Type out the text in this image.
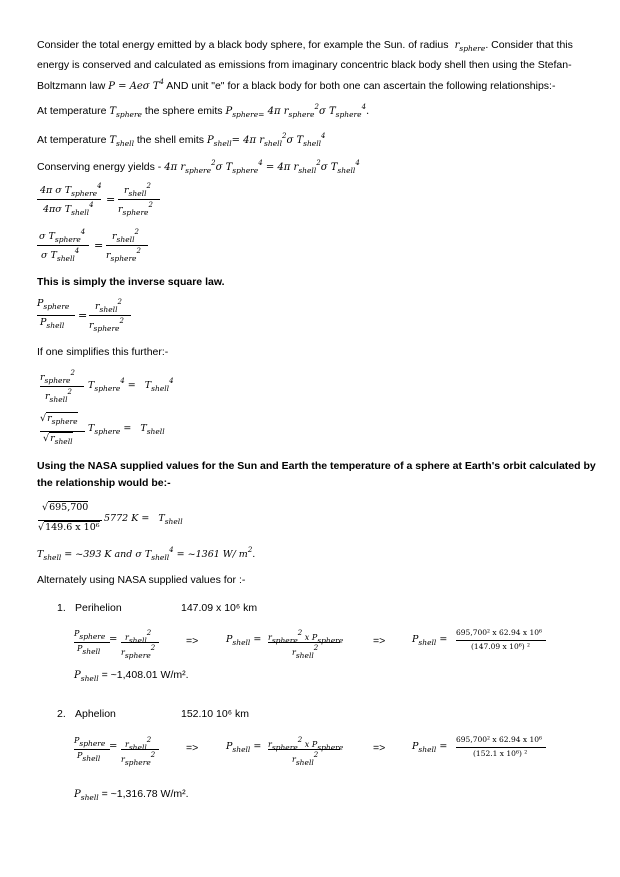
Consider the total energy emitted by a black body sphere, for example the Sun. of radius  $r_{sphere}$. Consider that this energy is conserved and calculated as emissions from imaginary concentric black body shell then using the Stefan- Boltzmann law P = Aeσ $T^4$ AND unit "e" for a black body for both one can ascertain the following relationships:-
At temperature $T_{sphere}$ the sphere emits $P_{sphere=}$ 4π $r_{sphere}^2\sigma$ $T_{sphere}^4$.
At temperature $T_{shell}$ the shell emits $P_{shell}= 4\pi$ $r_{shell}^2\sigma$ $T_{shell}^4$
Conserving energy yields - 4π $r_{sphere}^2\sigma$ $T_{sphere}^4 = 4\pi$ $r_{shell}^2\sigma$ $T_{shell}^4$
4π σ $T_{sphere}^4$
4πσ $T_{shell}^4$ =
$r_{shell}^2$
$r_{sphere}^2$
σ $T_{sphere}^4$
σ $T_{shell}^4$ =
$r_{shell}^2$
$r_{sphere}^2$
This is simply the inverse square law.
$P_{sphere}$
$P_{shell}$
=
$r_{shell}^2$
$r_{sphere}^2$
If one simplifies this further:-
$r_{sphere}^2$
$r_{shell}^2$
$T_{sphere}^4 = T_{shell}^4$
$√r_{sphere}$
$√r_{shell}$
$T_{sphere} = T_{shell}$
Using the NASA supplied values for the Sun and Earth the temperature of a sphere at Earth's orbit calculated by
the relationship would be:-
√695,700
√149.6 x 10⁶
5772 $K = T_{shell}$
$T_{shell}$ = ~393 K and σ $T_{shell}^4$ = ~1361 W/ $m^2$.
Alternately using NASA supplied values for :-
1. Perihelion	147.09 x 10⁶ km
Psphere
Pshell
= rshell2
rsphere2
=>	$P_{shell}$ = rsphere2 x Psphere
rshell2
=>	$P_{shell}$ =
695,700² x 62.94 x 10⁶
(147.09 x 10⁶) ²
$P_{shell}$ = ~1,408.01 W/m².
2. Aphelion	152.10 10⁶ km
Psphere
Pshell
= rshell2
rsphere2
=>	$P_{shell}$ = rsphere2 x Psphere
rshell2
=>	$P_{shell}$ =
695,700² x 62.94 x 10⁶
(152.1 x 10⁶) ²
$P_{shell}$ = ~1,316.78 W/m².
